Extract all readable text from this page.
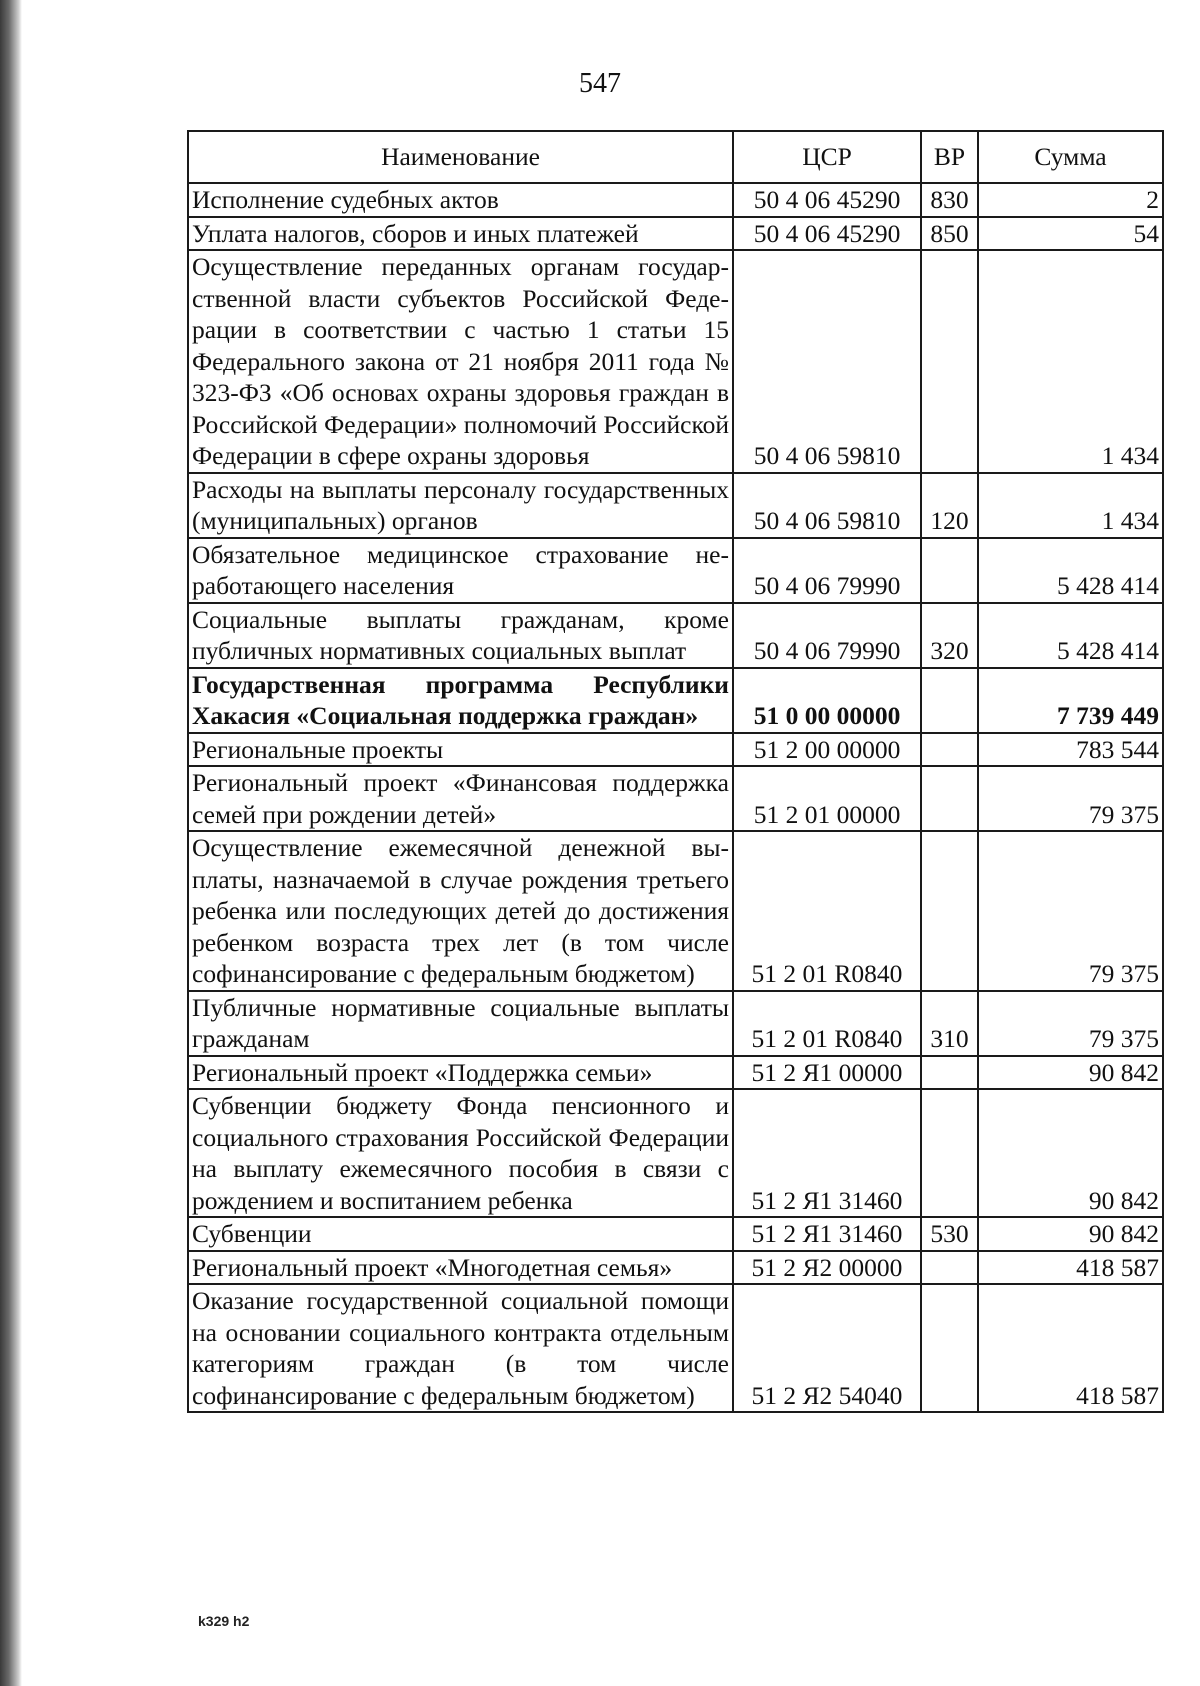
547
Наименование	ЦСР	ВР	Сумма
Исполнение судебных актов	50 4 06 45290	830	2
Уплата налогов, сборов и иных платежей	50 4 06 45290	850	54
Осуществление переданных органам государственной власти субъектов Российской Федерации в соответствии с частью 1 статьи 15 Федерального закона от 21 ноября 2011 года № 323-ФЗ «Об основах охраны здоровья граждан в Российской Федерации» полномочий Российской Федерации в сфере охраны здоровья	50 4 06 59810		1 434
Расходы на выплаты персоналу государственных (муниципальных) органов	50 4 06 59810	120	1 434
Обязательное медицинское страхование неработающего населения	50 4 06 79990		5 428 414
Социальные выплаты гражданам, кроме публичных нормативных социальных выплат	50 4 06 79990	320	5 428 414
Государственная программа Республики Хакасия «Социальная поддержка граждан»	51 0 00 00000		7 739 449
Региональные проекты	51 2 00 00000		783 544
Региональный проект «Финансовая поддержка семей при рождении детей»	51 2 01 00000		79 375
Осуществление ежемесячной денежной выплаты, назначаемой в случае рождения третьего ребенка или последующих детей до достижения ребенком возраста трех лет (в том числе софинансирование с федеральным бюджетом)	51 2 01 R0840		79 375
Публичные нормативные социальные выплаты гражданам	51 2 01 R0840	310	79 375
Региональный проект «Поддержка семьи»	51 2 Я1 00000		90 842
Субвенции бюджету Фонда пенсионного и социального страхования Российской Федерации на выплату ежемесячного пособия в связи с рождением и воспитанием ребенка	51 2 Я1 31460		90 842
Субвенции	51 2 Я1 31460	530	90 842
Региональный проект «Многодетная семья»	51 2 Я2 00000		418 587
Оказание государственной социальной помощи на основании социального контракта отдельным категориям граждан (в том числе софинансирование с федеральным бюджетом)	51 2 Я2 54040		418 587
k329 h2
